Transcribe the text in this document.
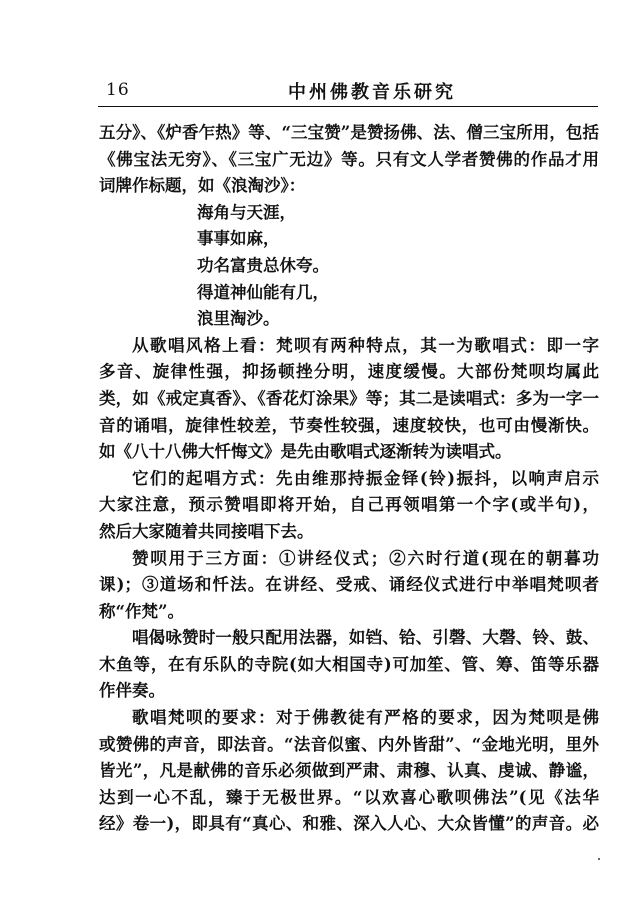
16	中州佛教音乐研究
五分》、《炉香乍热》等、“三宝赞”是赞扬佛、法、僧三宝所用，包括
《佛宝法无穷》、《三宝广无边》等。只有文人学者赞佛的作品才用
词牌作标题，如《浪淘沙》：
海角与天涯，
事事如麻，
功名富贵总休夸。
得道神仙能有几，
浪里淘沙。
从歌唱风格上看：梵呗有两种特点，其一为歌唱式：即一字
多音、旋律性强，抑扬顿挫分明，速度缓慢。大部份梵呗均属此
类，如《戒定真香》、《香花灯涂果》等；其二是读唱式：多为一字一
音的诵唱，旋律性较差，节奏性较强，速度较快，也可由慢渐快。
如《八十八佛大忏悔文》是先由歌唱式逐渐转为读唱式。
它们的起唱方式：先由维那持振金铎(铃)振抖，以响声启示
大家注意，预示赞唱即将开始，自己再领唱第一个字(或半句)，
然后大家随着共同接唱下去。
赞呗用于三方面：①讲经仪式；②六时行道(现在的朝暮功
课)；③道场和忏法。在讲经、受戒、诵经仪式进行中举唱梵呗者
称“作梵”。
唱偈咏赞时一般只配用法器，如铛、铪、引磬、大磬、铃、鼓、
木鱼等，在有乐队的寺院(如大相国寺)可加笙、管、筹、笛等乐器
作伴奏。
歌唱梵呗的要求：对于佛教徒有严格的要求，因为梵呗是佛
或赞佛的声音，即法音。“法音似蜜、内外皆甜”、“金地光明，里外
皆光”，凡是献佛的音乐必须做到严肃、肃穆、认真、虔诚、静谧，
达到一心不乱，臻于无极世界。“以欢喜心歌呗佛法”(见《法华
经》卷一)，即具有“真心、和雅、深入人心、大众皆懂”的声音。必
